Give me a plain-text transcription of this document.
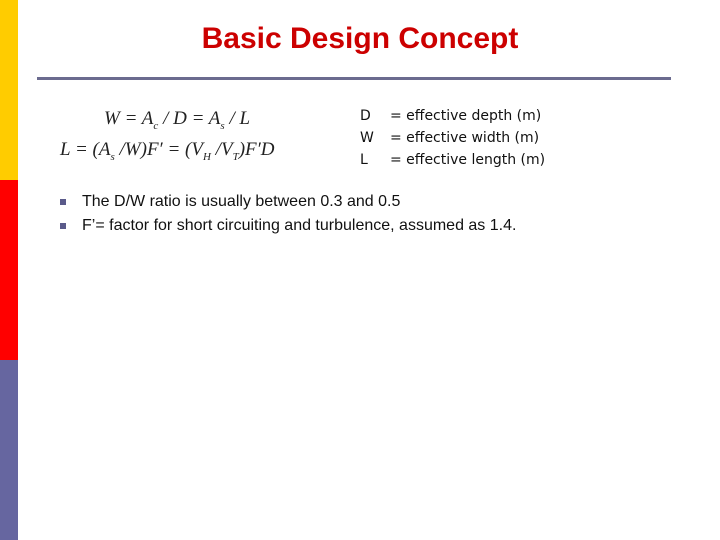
Basic Design Concept
$W = A_c / D = A_s / L$
$L = (A_s$ $/W)F' = (V_H$ $/V_T)F'D$
D	= effective depth (m)
W	= effective width (m)
L	= effective length (m)
The D/W ratio is usually between 0.3 and 0.5
F’= factor for short circuiting and turbulence, assumed as 1.4.
